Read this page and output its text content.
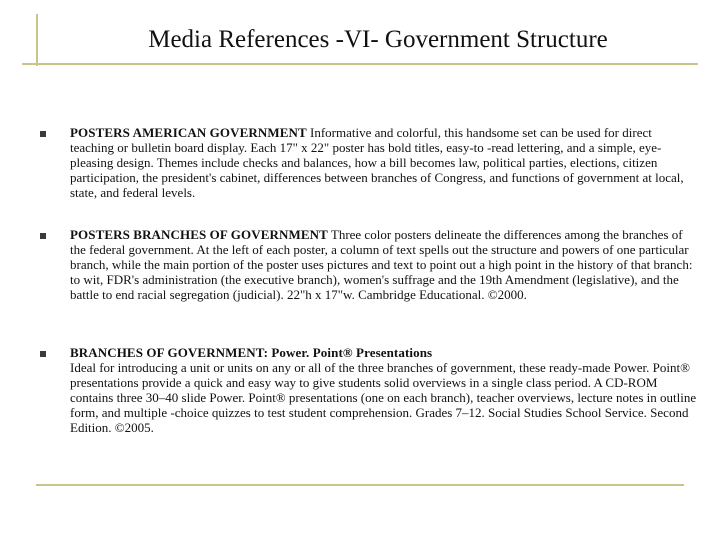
Media References -VI- Government Structure
POSTERS AMERICAN GOVERNMENT Informative and colorful, this handsome set can be used for direct teaching or bulletin board display. Each 17" x 22" poster has bold titles, easy-to -read lettering, and a simple, eye-pleasing design. Themes include checks and balances, how a bill becomes law, political parties, elections, citizen participation, the president's cabinet, differences between branches of Congress, and functions of government at local, state, and federal levels.
POSTERS BRANCHES OF GOVERNMENT Three color posters delineate the differences among the branches of the federal government. At the left of each poster, a column of text spells out the structure and powers of one particular branch, while the main portion of the poster uses pictures and text to point out a high point in the history of that branch: to wit, FDR's administration (the executive branch), women's suffrage and the 19th Amendment (legislative), and the battle to end racial segregation (judicial). 22"h x 17"w. Cambridge Educational. ©2000.
BRANCHES OF GOVERNMENT: Power. Point® Presentations
Ideal for introducing a unit or units on any or all of the three branches of government, these ready-made Power. Point® presentations provide a quick and easy way to give students solid overviews in a single class period. A CD-ROM contains three 30–40 slide Power. Point® presentations (one on each branch), teacher overviews, lecture notes in outline form, and multiple -choice quizzes to test student comprehension. Grades 7–12. Social Studies School Service. Second Edition. ©2005.
